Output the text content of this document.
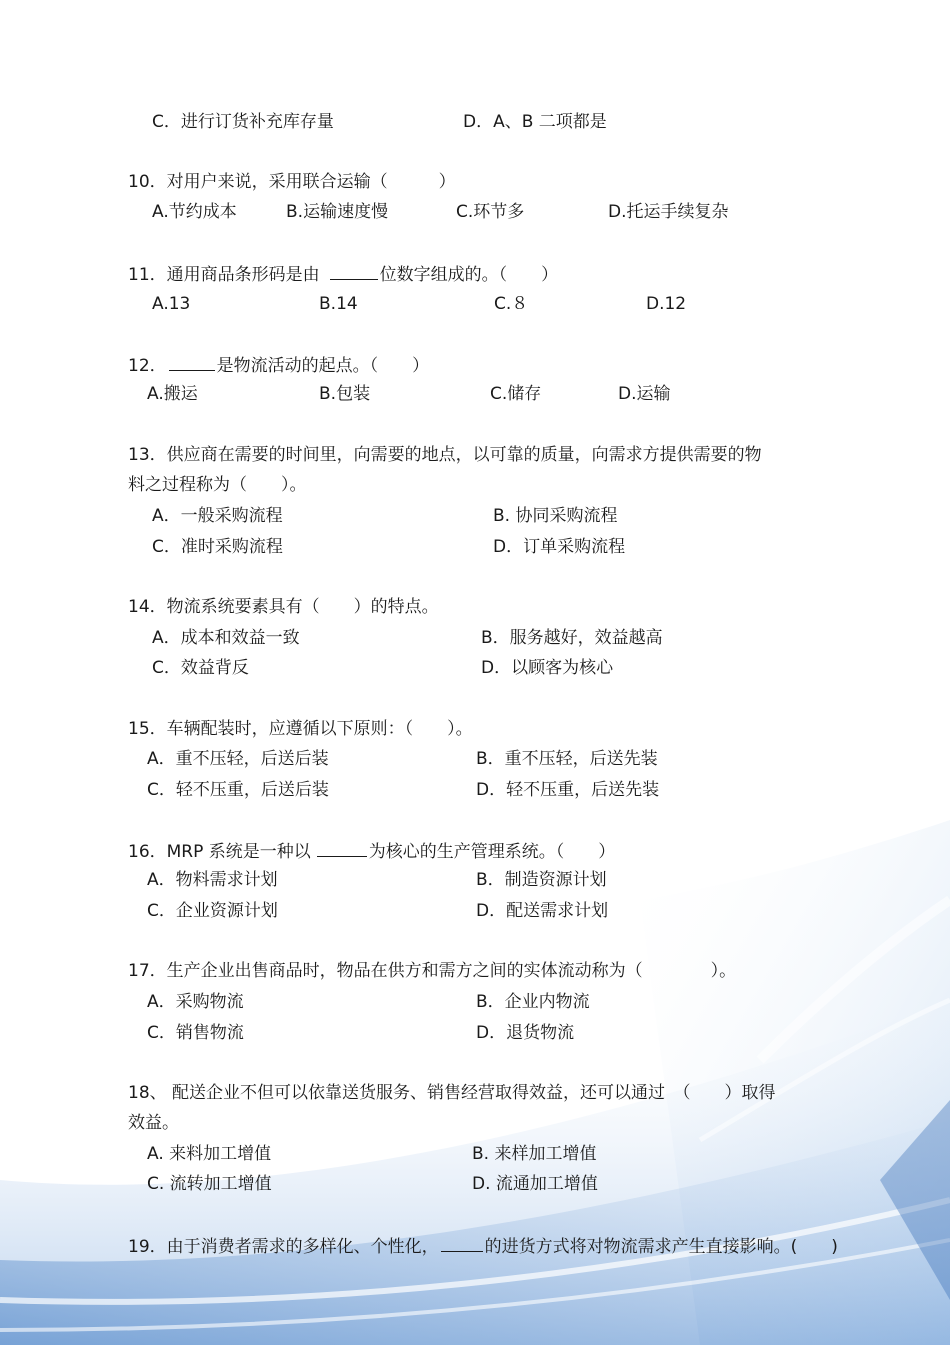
C．进行订货补充库存量	D．A、B 二项都是
10．对用户来说，采用联合运输（　　　）
A.节约成本	B.运输速度慢	C.环节多	D.托运手续复杂
11．通用商品条形码是由	位数字组成的。（　　）
A.13	B.14	C.８	D.12
12．	是物流活动的起点。（　　）
A.搬运	B.包装	C.储存	D.运输
13．供应商在需要的时间里，向需要的地点，以可靠的质量，向需求方提供需要的物
料之过程称为（　　）。
A．一般采购流程	B. 协同采购流程
C．准时采购流程	D．订单采购流程
14．物流系统要素具有（　　）的特点。
A．成本和效益一致	B．服务越好，效益越高
C．效益背反	D．以顾客为核心
15．车辆配装时，应遵循以下原则：（　　）。
A．重不压轻，后送后装	B．重不压轻，后送先装
C．轻不压重，后送后装	D．轻不压重，后送先装
16．MRP 系统是一种以	为核心的生产管理系统。（　　）
A．物料需求计划	B．制造资源计划
C．企业资源计划	D．配送需求计划
17．生产企业出售商品时，物品在供方和需方之间的实体流动称为（　　　　）。
A．采购物流	B．企业内物流
C．销售物流	D．退货物流
18、 配送企业不但可以依靠送货服务、销售经营取得效益，还可以通过　（　　）取得
效益。
A. 来料加工增值	B. 来样加工增值
C. 流转加工增值	D. 流通加工增值
19．由于消费者需求的多样化、个性化，	的进货方式将对物流需求产生直接影响。(　　)
